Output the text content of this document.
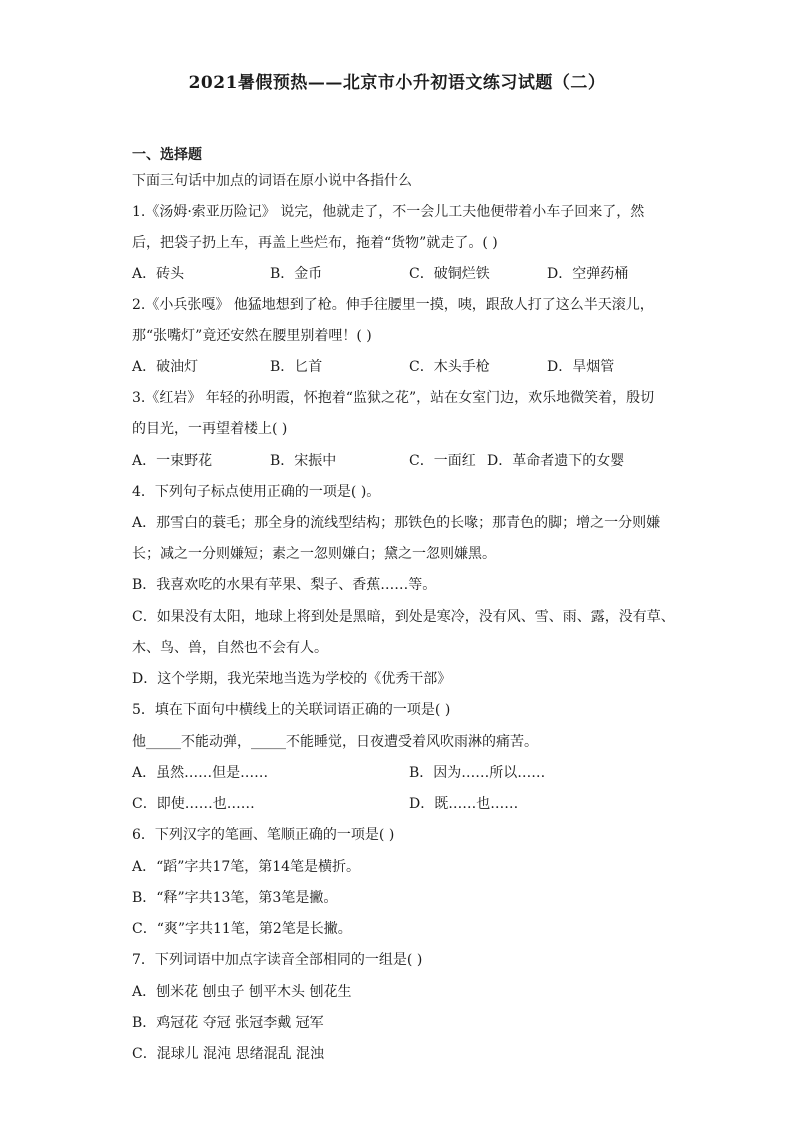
2021暑假预热——北京市小升初语文练习试题（二）
一、选择题
下面三句话中加点的词语在原小说中各指什么
1.《汤姆·索亚历险记》 说完，他就走了，不一会儿工夫他便带着小车子回来了，然
后，把袋子扔上车，再盖上些烂布，拖着“货物”就走了。( )
A．砖头	B．金币	C．破铜烂铁	D．空弹药桶
2.《小兵张嘎》 他猛地想到了枪。伸手往腰里一摸，咦，跟敌人打了这么半天滚儿，
那“张嘴灯”竟还安然在腰里别着哩！( )
A．破油灯	B．匕首	C．木头手枪	D．旱烟管
3.《红岩》 年轻的孙明霞，怀抱着“监狱之花”，站在女室门边，欢乐地微笑着，殷切
的目光，一再望着楼上( )
A．一束野花	B．宋振中	C．一面红 D．革命者遗下的女婴
4．下列句子标点使用正确的一项是( )。
A．那雪白的蓑毛；那全身的流线型结构；那铁色的长喙；那青色的脚；增之一分则嫌
长；减之一分则嫌短；素之一忽则嫌白；黛之一忽则嫌黑。
B．我喜欢吃的水果有苹果、梨子、香蕉……等。
C．如果没有太阳，地球上将到处是黑暗，到处是寒冷，没有风、雪、雨、露，没有草、
木、鸟、兽，自然也不会有人。
D．这个学期，我光荣地当选为学校的《优秀干部》
5．填在下面句中横线上的关联词语正确的一项是( )
他_____不能动弹，_____不能睡觉，日夜遭受着风吹雨淋的痛苦。
A．虽然……但是……	B．因为……所以……
C．即使……也……	D．既……也……
6．下列汉字的笔画、笔顺正确的一项是( )
A．“蹈”字共17笔，第14笔是横折。
B．“释”字共13笔，第3笔是撇。
C．“爽”字共11笔，第2笔是长撇。
7．下列词语中加点字读音全部相同的一组是( )
A．刨米花 刨虫子 刨平木头 刨花生
B．鸡冠花 夺冠 张冠李戴 冠军
C．混球儿 混沌 思绪混乱 混浊
